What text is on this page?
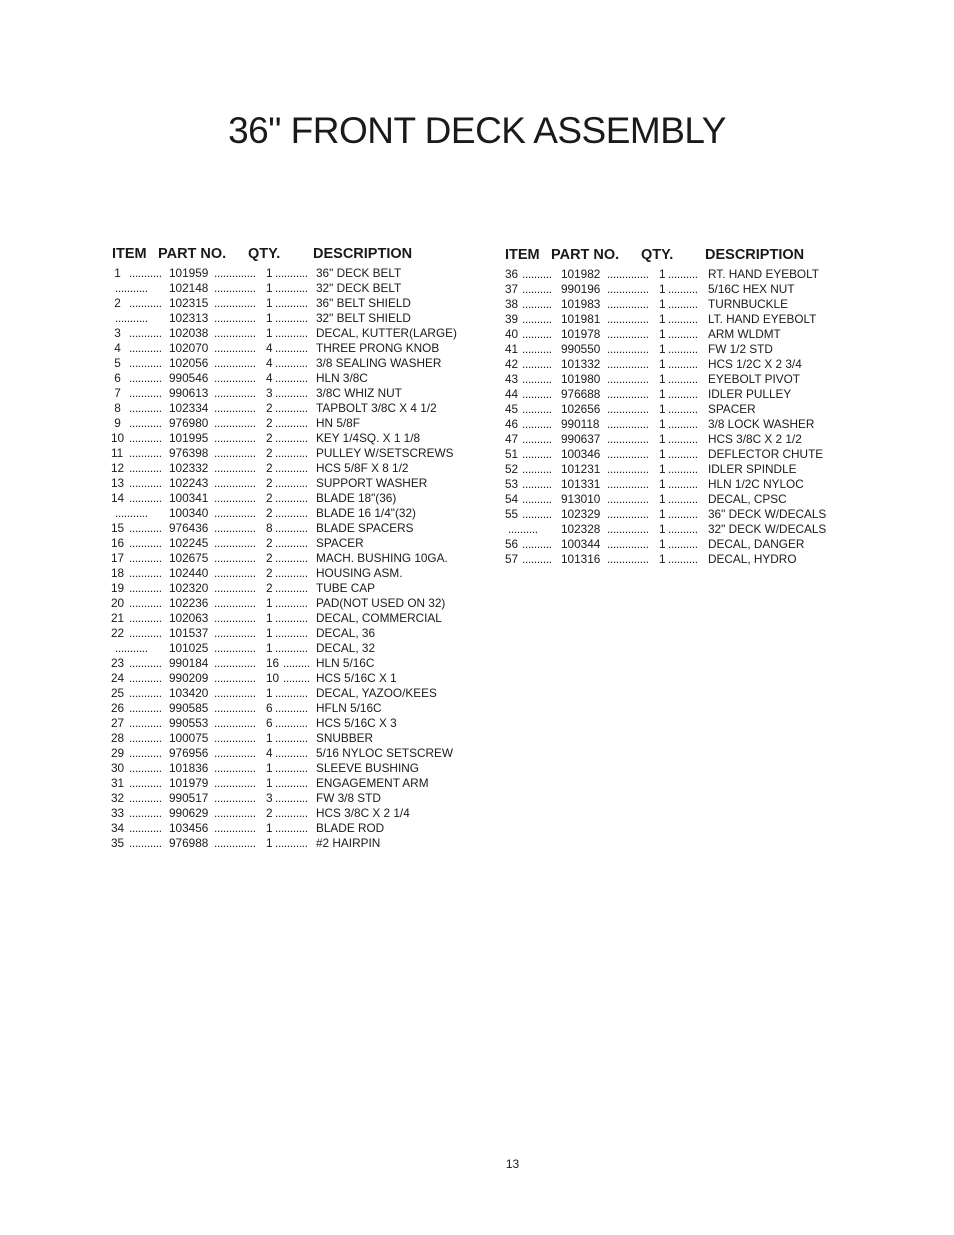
36" FRONT DECK ASSEMBLY
ITEM PART NO. QTY. DESCRIPTION
1 ........... 101959 .............. 1 ........... 36" DECK BELT
........... 102148 .............. 1 ........... 32" DECK BELT
2 ........... 102315 .............. 1 ........... 36" BELT SHIELD
........... 102313 .............. 1 ........... 32" BELT SHIELD
3 ........... 102038 .............. 1 ........... DECAL, KUTTER(LARGE)
4 ........... 102070 .............. 4 ........... THREE PRONG KNOB
5 ........... 102056 .............. 4 ........... 3/8 SEALING WASHER
6 ........... 990546 .............. 4 ........... HLN 3/8C
7 ........... 990613 .............. 3 ........... 3/8C WHIZ NUT
8 ........... 102334 .............. 2 ........... TAPBOLT 3/8C X 4 1/2
9 ........... 976980 .............. 2 ........... HN 5/8F
10 ........... 101995 .............. 2 ........... KEY 1/4SQ. X 1 1/8
11 ........... 976398 .............. 2 ........... PULLEY W/SETSCREWS
12 ........... 102332 .............. 2 ........... HCS 5/8F X 8 1/2
13 ........... 102243 .............. 2 ........... SUPPORT WASHER
14 ........... 100341 .............. 2 ........... BLADE 18"(36)
........... 100340 .............. 2 ........... BLADE 16 1/4"(32)
15 ........... 976436 .............. 8 ........... BLADE SPACERS
16 ........... 102245 .............. 2 ........... SPACER
17 ........... 102675 .............. 2 ........... MACH. BUSHING 10GA.
18 ........... 102440 .............. 2 ........... HOUSING ASM.
19 ........... 102320 .............. 2 ........... TUBE CAP
20 ........... 102236 .............. 1 ........... PAD(NOT USED ON 32)
21 ........... 102063 .............. 1 ........... DECAL, COMMERCIAL
22 ........... 101537 .............. 1 ........... DECAL, 36
........... 101025 .............. 1 ........... DECAL, 32
23 ........... 990184 .............. 16 ......... HLN 5/16C
24 ........... 990209 .............. 10 ......... HCS 5/16C X 1
25 ........... 103420 .............. 1 ........... DECAL, YAZOO/KEES
26 ........... 990585 .............. 6 ........... HFLN 5/16C
27 ........... 990553 .............. 6 ........... HCS 5/16C X 3
28 ........... 100075 .............. 1 ........... SNUBBER
29 ........... 976956 .............. 4 ........... 5/16 NYLOC SETSCREW
30 ........... 101836 .............. 1 ........... SLEEVE BUSHING
31 ........... 101979 .............. 1 ........... ENGAGEMENT ARM
32 ........... 990517 .............. 3 ........... FW 3/8 STD
33 ........... 990629 .............. 2 ........... HCS 3/8C X 2 1/4
34 ........... 103456 .............. 1 ........... BLADE ROD
35 ........... 976988 .............. 1 ........... #2 HAIRPIN
ITEM PART NO. QTY. DESCRIPTION
36 .......... 101982 .............. 1 .......... RT. HAND EYEBOLT
37 .......... 990196 .............. 1 .......... 5/16C HEX NUT
38 .......... 101983 .............. 1 .......... TURNBUCKLE
39 .......... 101981 .............. 1 .......... LT. HAND EYEBOLT
40 .......... 101978 .............. 1 .......... ARM WLDMT
41 .......... 990550 .............. 1 .......... FW 1/2 STD
42 .......... 101332 .............. 1 .......... HCS 1/2C X 2 3/4
43 .......... 101980 .............. 1 .......... EYEBOLT PIVOT
44 .......... 976688 .............. 1 .......... IDLER PULLEY
45 .......... 102656 .............. 1 .......... SPACER
46 .......... 990118 .............. 1 .......... 3/8 LOCK WASHER
47 .......... 990637 .............. 1 .......... HCS 3/8C X 2 1/2
51 .......... 100346 .............. 1 .......... DEFLECTOR CHUTE
52 .......... 101231 .............. 1 .......... IDLER SPINDLE
53 .......... 101331 .............. 1 .......... HLN 1/2C NYLOC
54 .......... 913010 .............. 1 .......... DECAL, CPSC
55 .......... 102329 .............. 1 .......... 36" DECK W/DECALS
.......... 102328 .............. 1 .......... 32" DECK W/DECALS
56 .......... 100344 .............. 1 .......... DECAL, DANGER
57 .......... 101316 .............. 1 .......... DECAL, HYDRO
13
